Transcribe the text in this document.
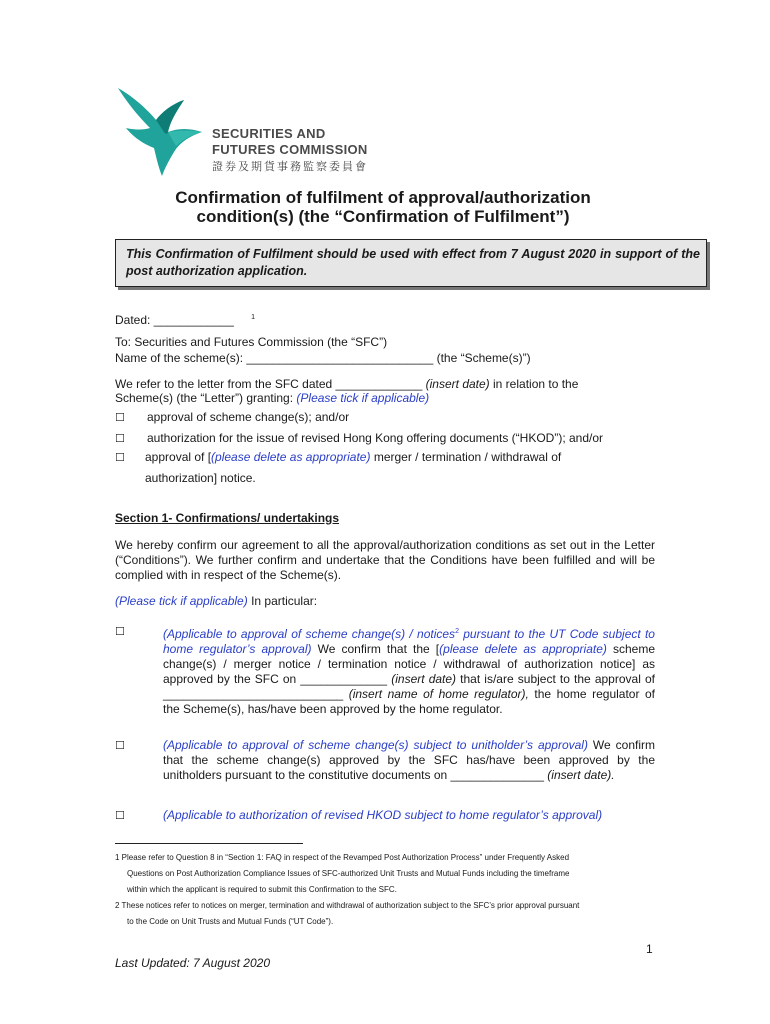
SECURITIES AND
FUTURES COMMISSION
證券及期貨事務監察委員會
Confirmation of fulfilment of approval/authorization
condition(s) (the “Confirmation of Fulfilment”)
This Confirmation of Fulfilment should be used with effect from 7 August 2020 in support of the post authorization application.
Dated: ____________ $^1$
To: Securities and Futures Commission (the “SFC”)
Name of the scheme(s): ____________________________ (the “Scheme(s)”)
We refer to the letter from the SFC dated _____________ (insert date) in relation to the
Scheme(s) (the “Letter”) granting: (Please tick if applicable)
☐ approval of scheme change(s); and/or
☐ authorization for the issue of revised Hong Kong offering documents (“HKOD”); and/or
☐ approval of [(please delete as appropriate) merger / termination / withdrawal of
authorization] notice.
Section 1- Confirmations/ undertakings
We hereby confirm our agreement to all the approval/authorization conditions as set out in the Letter (“Conditions”). We further confirm and undertake that the Conditions have been fulfilled and will be complied with in respect of the Scheme(s).
(Please tick if applicable) In particular:
☐	(Applicable to approval of scheme change(s) / notices$^2$ pursuant to the UT Code subject to home regulator’s approval) We confirm that the [(please delete as appropriate) scheme change(s) / merger notice / termination notice / withdrawal of authorization notice] as approved by the SFC on _____________ (insert date) that is/are subject to the approval of ___________________________ (insert name of home regulator), the home regulator of the Scheme(s), has/have been approved by the home regulator.
☐	(Applicable to approval of scheme change(s) subject to unitholder’s approval) We confirm that the scheme change(s) approved by the SFC has/have been approved by the unitholders pursuant to the constitutive documents on ______________ (insert date).
☐	(Applicable to authorization of revised HKOD subject to home regulator’s approval)
1 Please refer to Question 8 in “Section 1: FAQ in respect of the Revamped Post Authorization Process” under Frequently Asked
Questions on Post Authorization Compliance Issues of SFC-authorized Unit Trusts and Mutual Funds including the timeframe
within which the applicant is required to submit this Confirmation to the SFC.
2 These notices refer to notices on merger, termination and withdrawal of authorization subject to the SFC’s prior approval pursuant
to the Code on Unit Trusts and Mutual Funds (“UT Code”).
1
Last Updated: 7 August 2020
